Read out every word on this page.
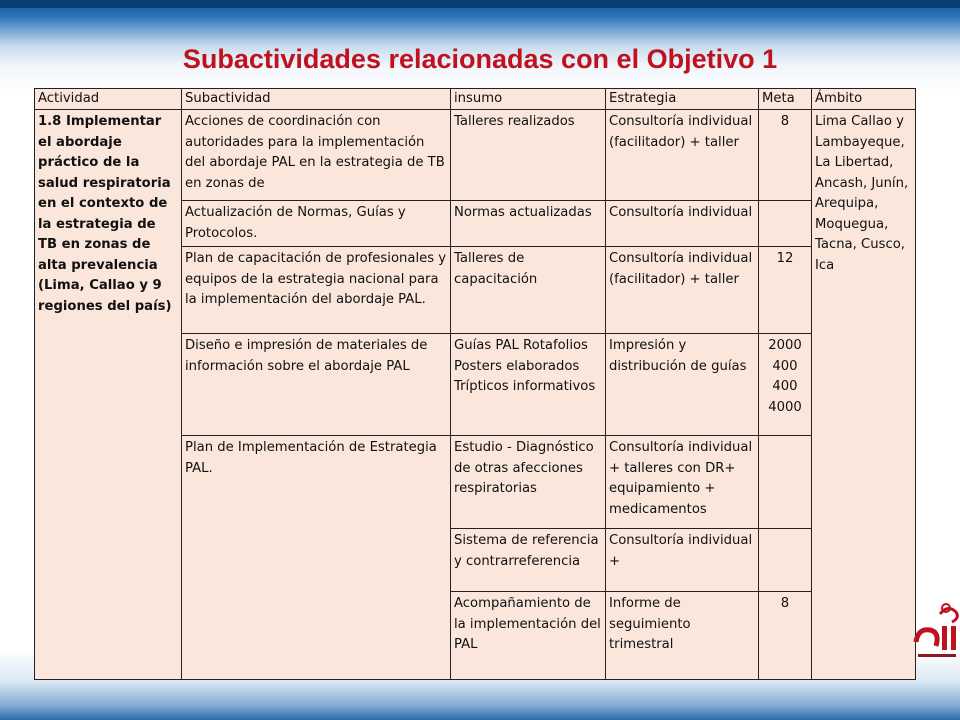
Subactividades relacionadas con el Objetivo 1
Actividad	Subactividad	insumo	Estrategia	Meta	Ámbito
1.8 Implementar el abordaje práctico de la salud respiratoria en el contexto de la estrategia de TB en zonas de alta prevalencia (Lima, Callao y 9 regiones del país)	Acciones de coordinación con autoridades para la implementación del abordaje PAL en la estrategia de TB en zonas de	Talleres realizados	Consultoría individual (facilitador) + taller	8	Lima Callao y Lambayeque, La Libertad, Ancash, Junín, Arequipa, Moquegua, Tacna, Cusco, Ica
	Actualización de Normas, Guías y Protocolos.	Normas actualizadas	Consultoría individual		
	Plan de capacitación de profesionales y equipos de la estrategia nacional para la implementación del abordaje PAL.	Talleres de capacitación	Consultoría individual (facilitador) + taller	12	
	Diseño e impresión de materiales de información sobre el abordaje PAL	Guías PAL Rotafolios Posters elaborados Trípticos informativos	Impresión y distribución de guías	2000 400 400 4000	
	Plan de Implementación de Estrategia PAL.	Estudio - Diagnóstico de otras afecciones respiratorias	Consultoría individual + talleres con DR+ equipamiento + medicamentos		
		Sistema de referencia y contrarreferencia	Consultoría individual +		
		Acompañamiento de la implementación del PAL	Informe de seguimiento trimestral	8	
